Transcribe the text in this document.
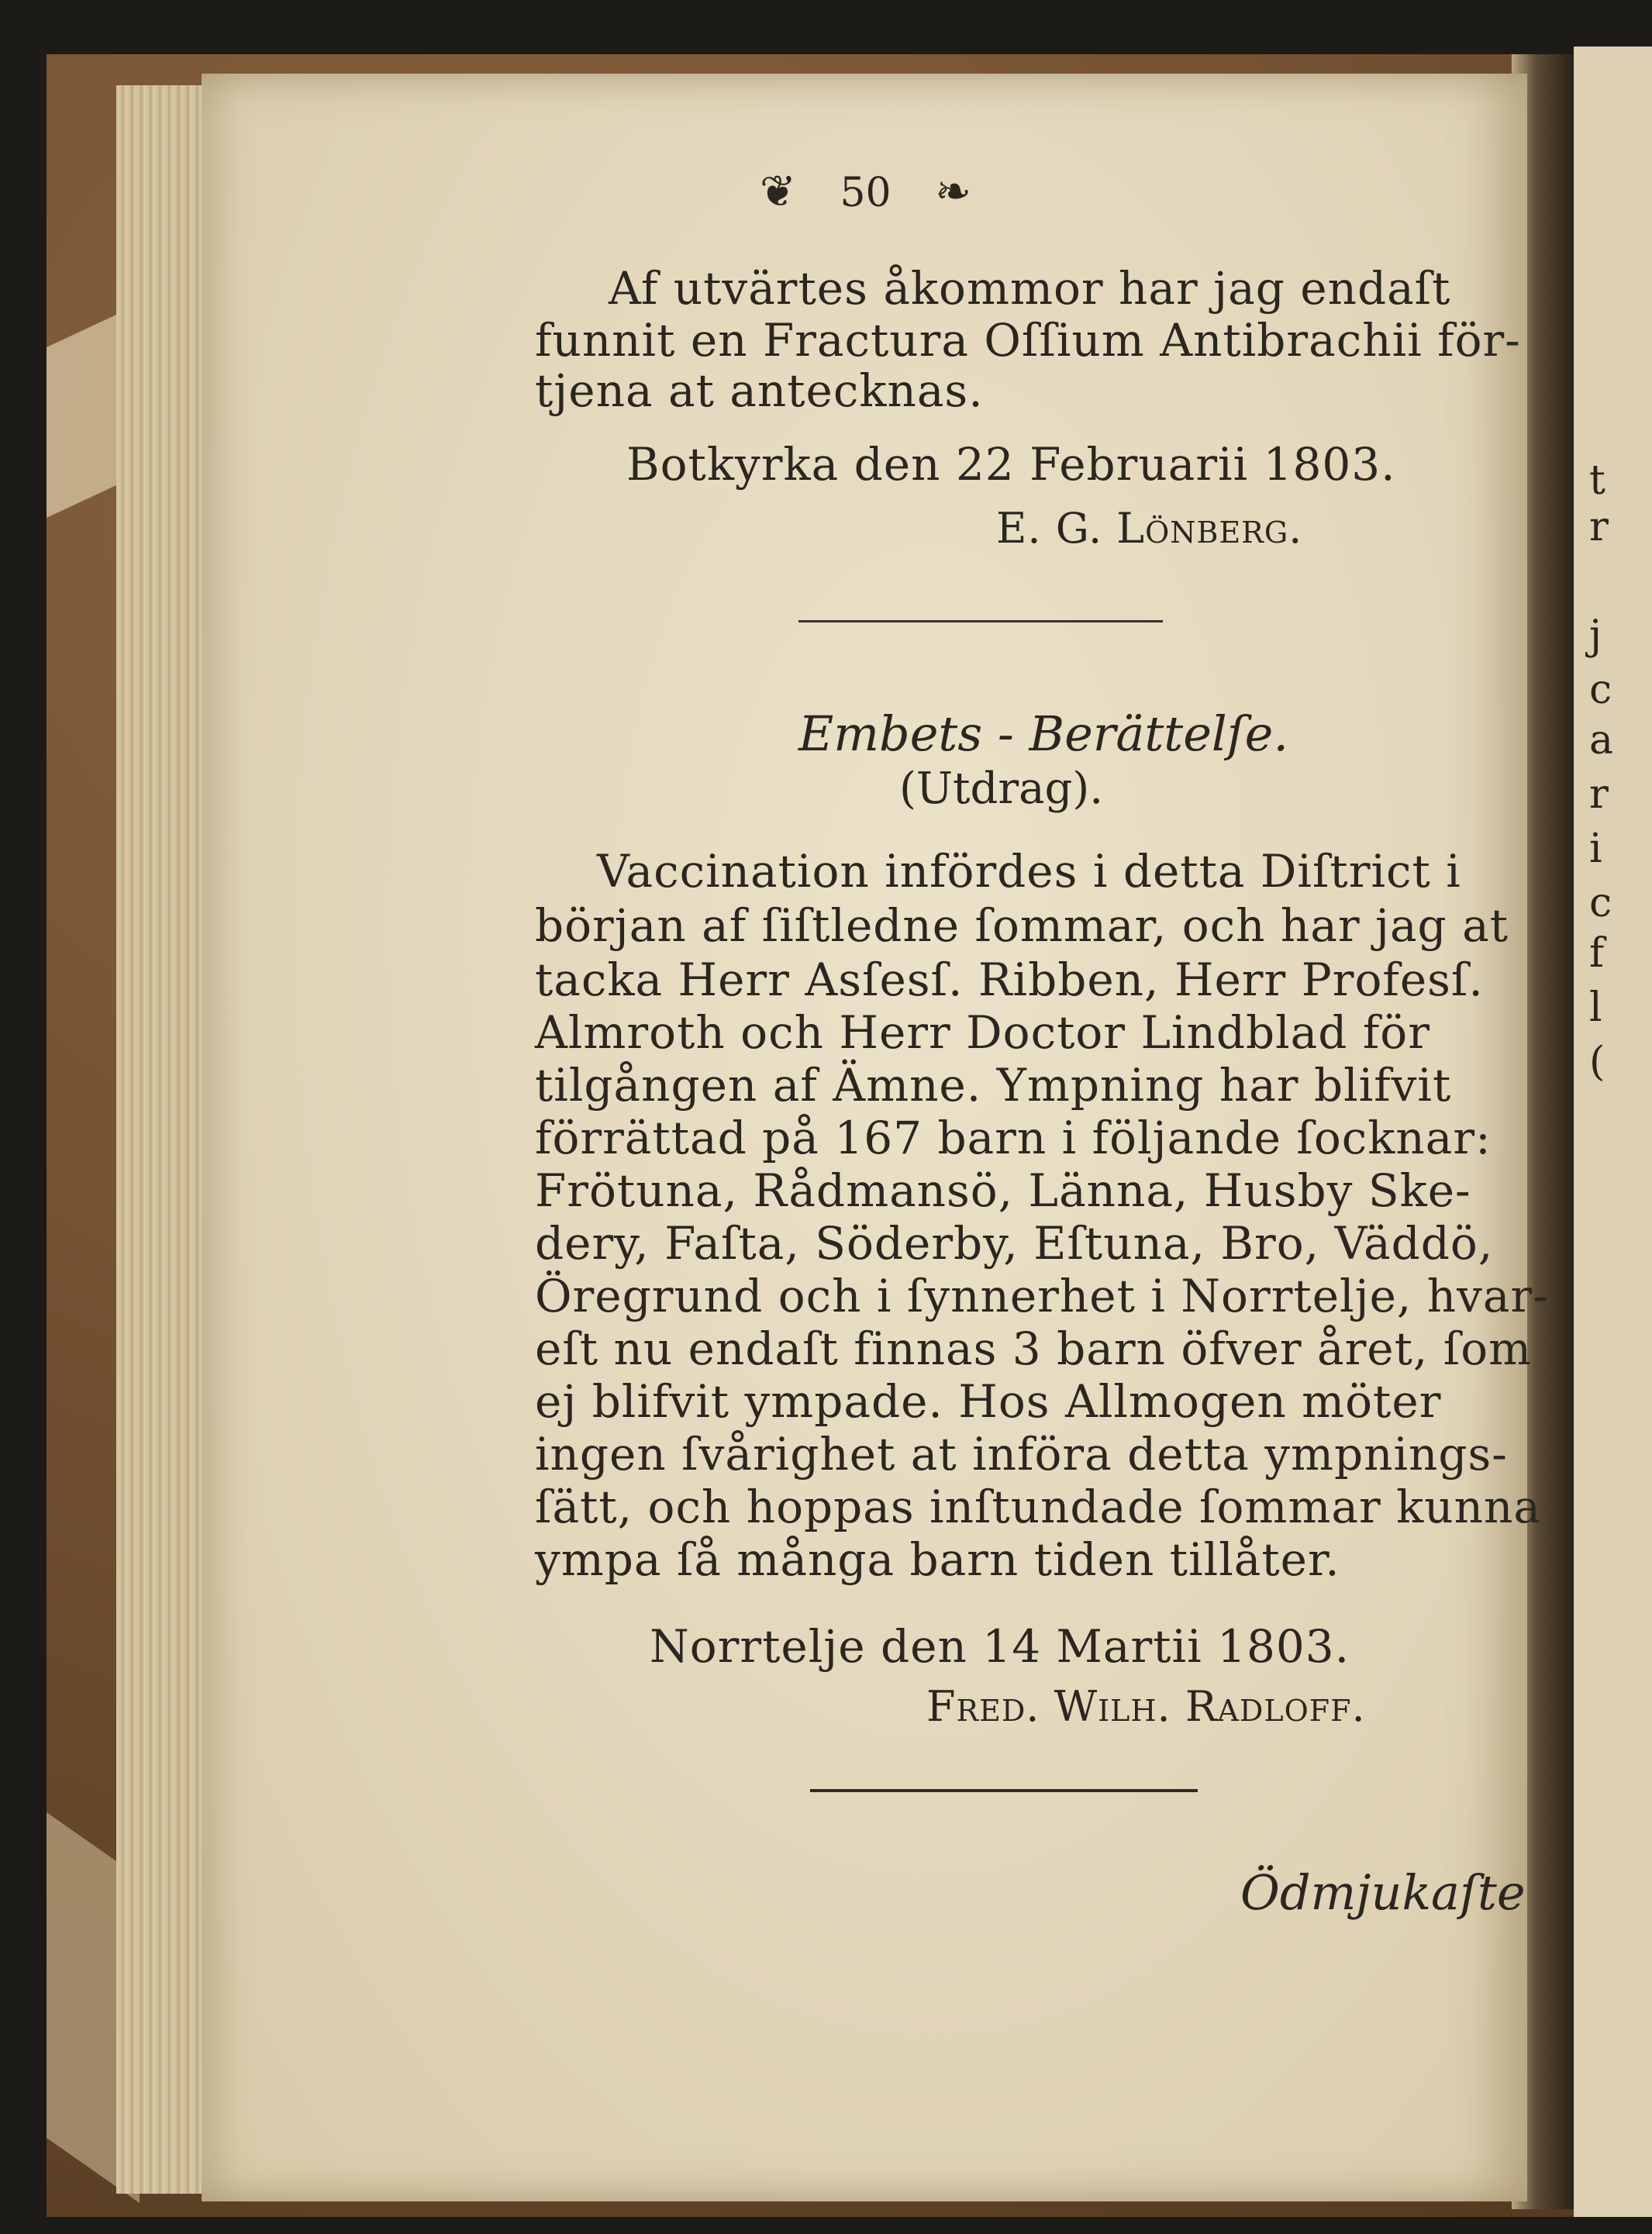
t
r
j
c
a
r
i
c
f
l
(
❦ 50 ❧
Af utvärtes åkommor har jag endaſt
funnit en Fractura Oſſium Antibrachii för-
tjena at antecknas.
Botkyrka den 22 Februarii 1803.
E. G. Lönberg.
Embets - Berättelſe.
(Utdrag).
Vaccination infördes i detta Diſtrict i
början af ſiſtledne ſommar, och har jag at
tacka Herr Asſesſ. Ribben, Herr Profesſ.
Almroth och Herr Doctor Lindblad för
tilgången af Ämne. Ympning har blifvit
förrättad på 167 barn i följande ſocknar:
Frötuna, Rådmansö, Länna, Husby Ske-
dery, Faſta, Söderby, Eſtuna, Bro, Väddö,
Öregrund och i ſynnerhet i Norrtelje, hvar-
eſt nu endaſt finnas 3 barn öfver året, ſom
ej blifvit ympade. Hos Allmogen möter
ingen ſvårighet at införa detta ympnings-
ſätt, och hoppas inſtundade ſommar kunna
ympa ſå många barn tiden tillåter.
Norrtelje den 14 Martii 1803.
Fred. Wilh. Radloff.
Ödmjukaſte
